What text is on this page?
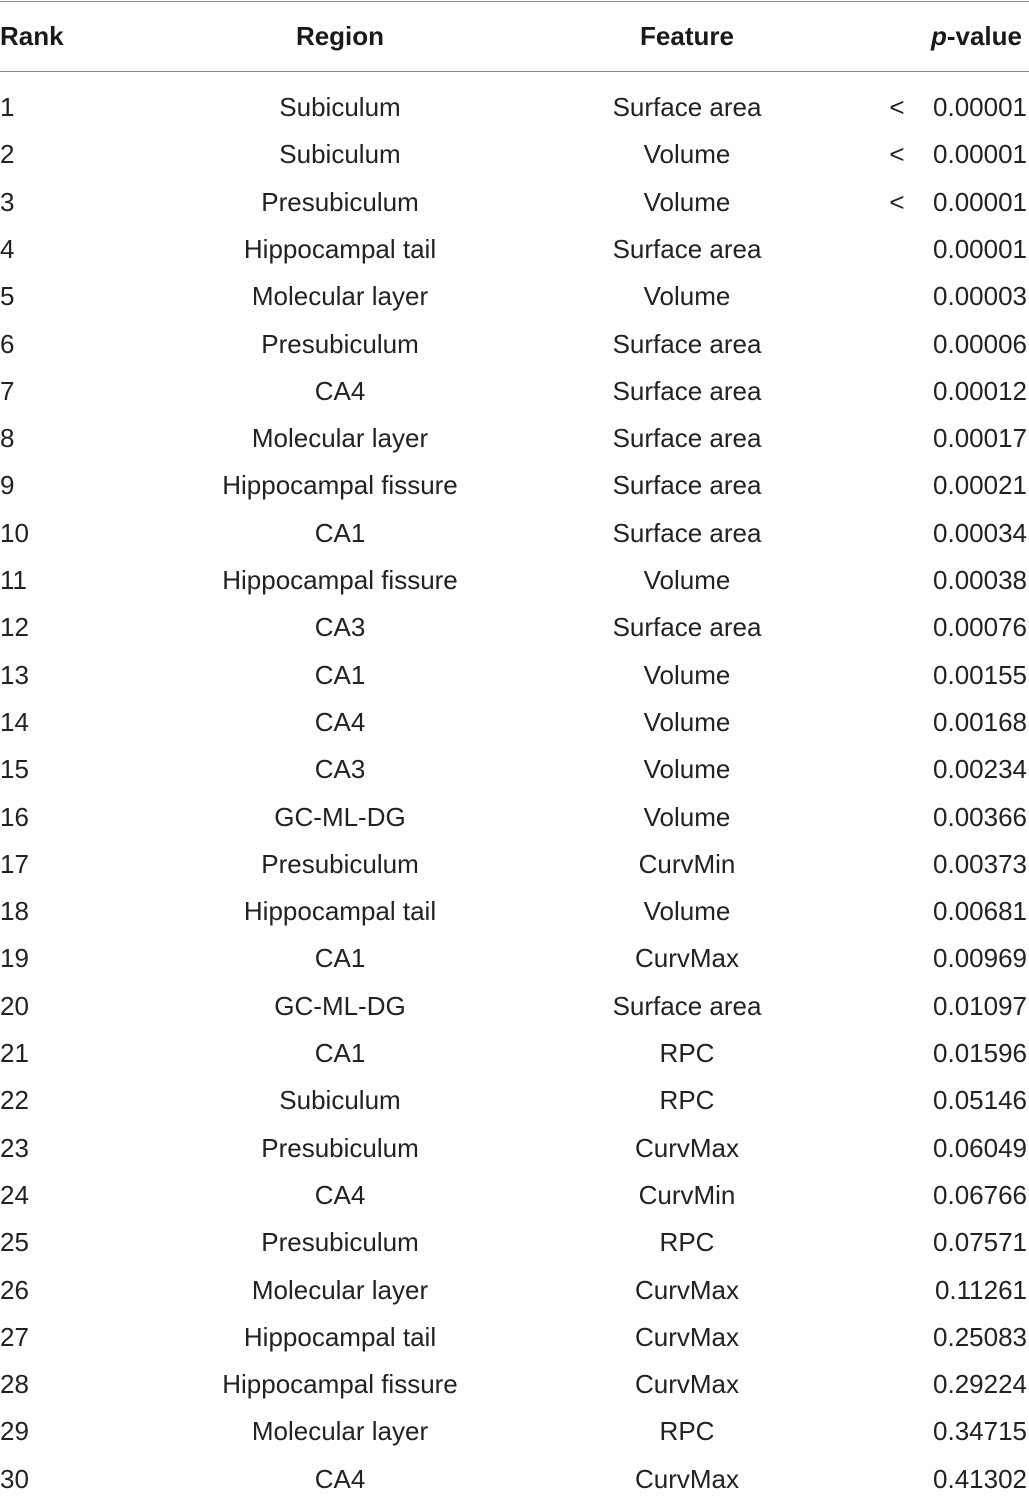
Rank	Region	Feature	p-value
1	Subiculum	Surface area	<	0.00001
2	Subiculum	Volume	<	0.00001
3	Presubiculum	Volume	<	0.00001
4	Hippocampal tail	Surface area	0.00001
5	Molecular layer	Volume	0.00003
6	Presubiculum	Surface area	0.00006
7	CA4	Surface area	0.00012
8	Molecular layer	Surface area	0.00017
9	Hippocampal fissure	Surface area	0.00021
10	CA1	Surface area	0.00034
11	Hippocampal fissure	Volume	0.00038
12	CA3	Surface area	0.00076
13	CA1	Volume	0.00155
14	CA4	Volume	0.00168
15	CA3	Volume	0.00234
16	GC-ML-DG	Volume	0.00366
17	Presubiculum	CurvMin	0.00373
18	Hippocampal tail	Volume	0.00681
19	CA1	CurvMax	0.00969
20	GC-ML-DG	Surface area	0.01097
21	CA1	RPC	0.01596
22	Subiculum	RPC	0.05146
23	Presubiculum	CurvMax	0.06049
24	CA4	CurvMin	0.06766
25	Presubiculum	RPC	0.07571
26	Molecular layer	CurvMax	0.11261
27	Hippocampal tail	CurvMax	0.25083
28	Hippocampal fissure	CurvMax	0.29224
29	Molecular layer	RPC	0.34715
30	CA4	CurvMax	0.41302
